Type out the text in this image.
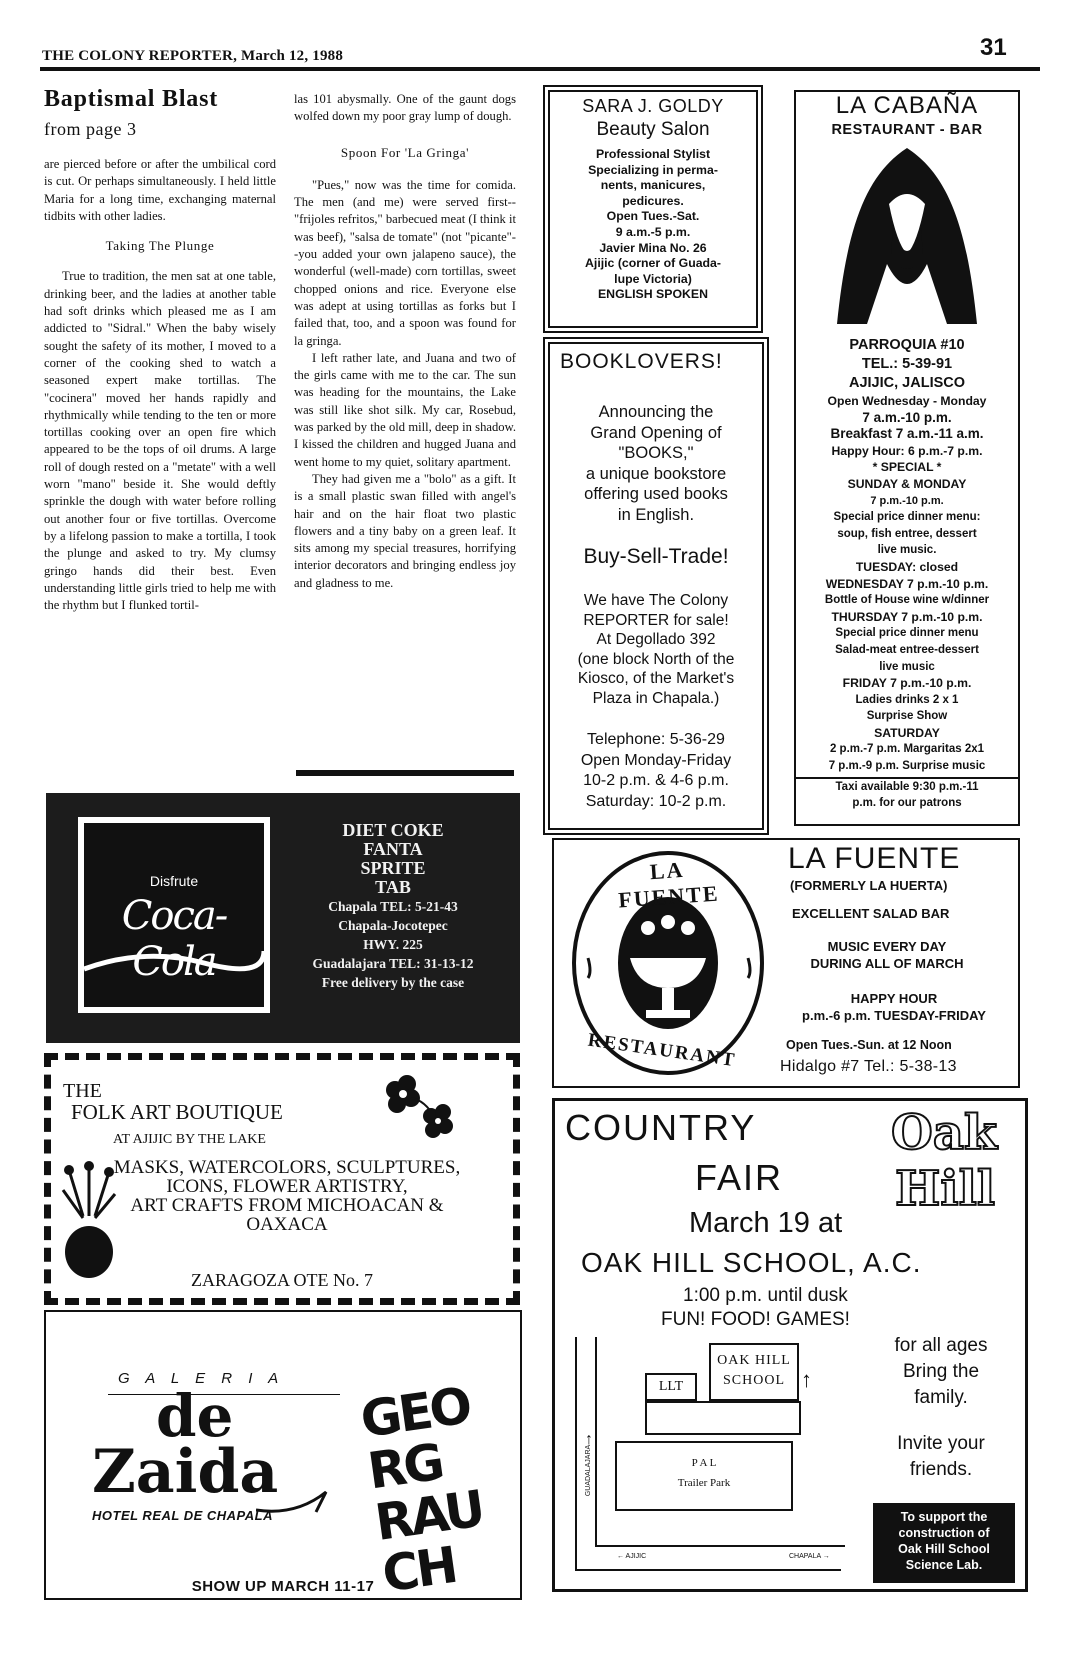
THE COLONY REPORTER, March 12, 1988	31
Baptismal Blast
from page 3

are pierced before or after the umbilical cord is cut. Or perhaps simultaneously. I held little Maria for a long time, exchanging maternal tidbits with other ladies.

Taking The Plunge

True to tradition, the men sat at one table, drinking beer, and the ladies at another table had soft drinks which pleased me as I am addicted to "Sidral." When the baby wisely sought the safety of its mother, I moved to a corner of the cooking shed to watch a seasoned expert make tortillas. The "cocinera" moved her hands rapidly and rhythmically while tending to the ten or more tortillas cooking over an open fire which appeared to be the tops of oil drums. A large roll of dough rested on a "metate" with a well worn "mano" beside it. She would deftly sprinkle the dough with water before rolling out another four or five tortillas. Overcome by a lifelong passion to make a tortilla, I took the plunge and asked to try. My clumsy gringo hands did their best. Even understanding little girls tried to help me with the rhythm but I flunked tortil-

las 101 abysmally. One of the gaunt dogs wolfed down my poor gray lump of dough.

Spoon For 'La Gringa'

"Pues," now was the time for comida. The men (and me) were served first--"frijoles refritos," barbecued meat (I think it was beef), "salsa de tomate" (not "picante"--you added your own jalapeno sauce), the wonderful (well-made) corn tortillas, sweet chopped onions and rice. Everyone else was adept at using tortillas as forks but I failed that, too, and a spoon was found for la gringa.

I left rather late, and Juana and two of the girls came with me to the car. The sun was heading for the mountains, the Lake was still like shot silk. My car, Rosebud, was parked by the old mill, deep in shadow. I kissed the children and hugged Juana and went home to my quiet, solitary apartment.

They had given me a "bolo" as a gift. It is a small plastic swan filled with angel's hair and on the hair float two plastic flowers and a tiny baby on a green leaf. It sits among my special treasures, horrifying interior decorators and bringing endless joy and gladness to me.

Disfrute
Coca-Cola
DIET COKE
FANTA
SPRITE
TAB
Chapala TEL: 5-21-43
Chapala-Jocotepec
HWY. 225
Guadalajara TEL: 31-13-12
Free delivery by the case
THE
FOLK ART BOUTIQUE
AT AJIJIC BY THE LAKE
MASKS, WATERCOLORS, SCULPTURES,
ICONS, FLOWER ARTISTRY,
ART CRAFTS FROM MICHOACAN &
OAXACA
ZARAGOZA OTE No. 7
G A L E R I A
de
Zaida
HOTEL REAL DE CHAPALA
GEORG RAUCH
SHOW UP MARCH 11-17
SARA J. GOLDY
Beauty Salon
Professional Stylist
Specializing in perma-
nents, manicures,
pedicures.
Open Tues.-Sat.
9 a.m.-5 p.m.
Javier Mina No. 26
Ajijic (corner of Guada-
lupe Victoria)
ENGLISH SPOKEN
BOOKLOVERS!
Announcing the
Grand Opening of
"BOOKS,"
a unique bookstore
offering used books
in English.
Buy-Sell-Trade!
We have The Colony
REPORTER for sale!
At Degollado 392
(one block North of the
Kiosco, of the Market's
Plaza in Chapala.)
Telephone: 5-36-29
Open Monday-Friday
10-2 p.m. & 4-6 p.m.
Saturday: 10-2 p.m.
LA CABAÑA
RESTAURANT - BAR
PARROQUIA #10
TEL.: 5-39-91
AJIJIC, JALISCO
Open Wednesday - Monday
7 a.m.-10 p.m.
Breakfast 7 a.m.-11 a.m.
Happy Hour: 6 p.m.-7 p.m.
* SPECIAL *
SUNDAY & MONDAY
7 p.m.-10 p.m.
Special price dinner menu:
soup, fish entree, dessert
live music.
TUESDAY: closed
WEDNESDAY 7 p.m.-10 p.m.
Bottle of House wine w/dinner
THURSDAY 7 p.m.-10 p.m.
Special price dinner menu
Salad-meat entree-dessert
live music
FRIDAY 7 p.m.-10 p.m.
Ladies drinks 2 x 1
Surprise Show
SATURDAY
2 p.m.-7 p.m. Margaritas 2x1
7 p.m.-9 p.m. Surprise music
Taxi available 9:30 p.m.-11
p.m. for our patrons
LA FUENTE
RESTAURANT
LA FUENTE
(FORMERLY LA HUERTA)
EXCELLENT SALAD BAR
MUSIC EVERY DAY
DURING ALL OF MARCH
HAPPY HOUR
p.m.-6 p.m. TUESDAY-FRIDAY
Open Tues.-Sun. at 12 Noon
Hidalgo #7 Tel.: 5-38-13
COUNTRY
FAIR
Oak
Hill
March 19 at
OAK HILL SCHOOL, A.C.
1:00 p.m. until dusk
FUN! FOOD! GAMES!
LLT
OAK HILL
SCHOOL
P A L
Trailer Park
↑
↑
GUADALAJARA
← AJIJIC	CHAPALA →
for all ages
Bring the
family.
Invite your
friends.
To support the
construction of
Oak Hill School
Science Lab.
